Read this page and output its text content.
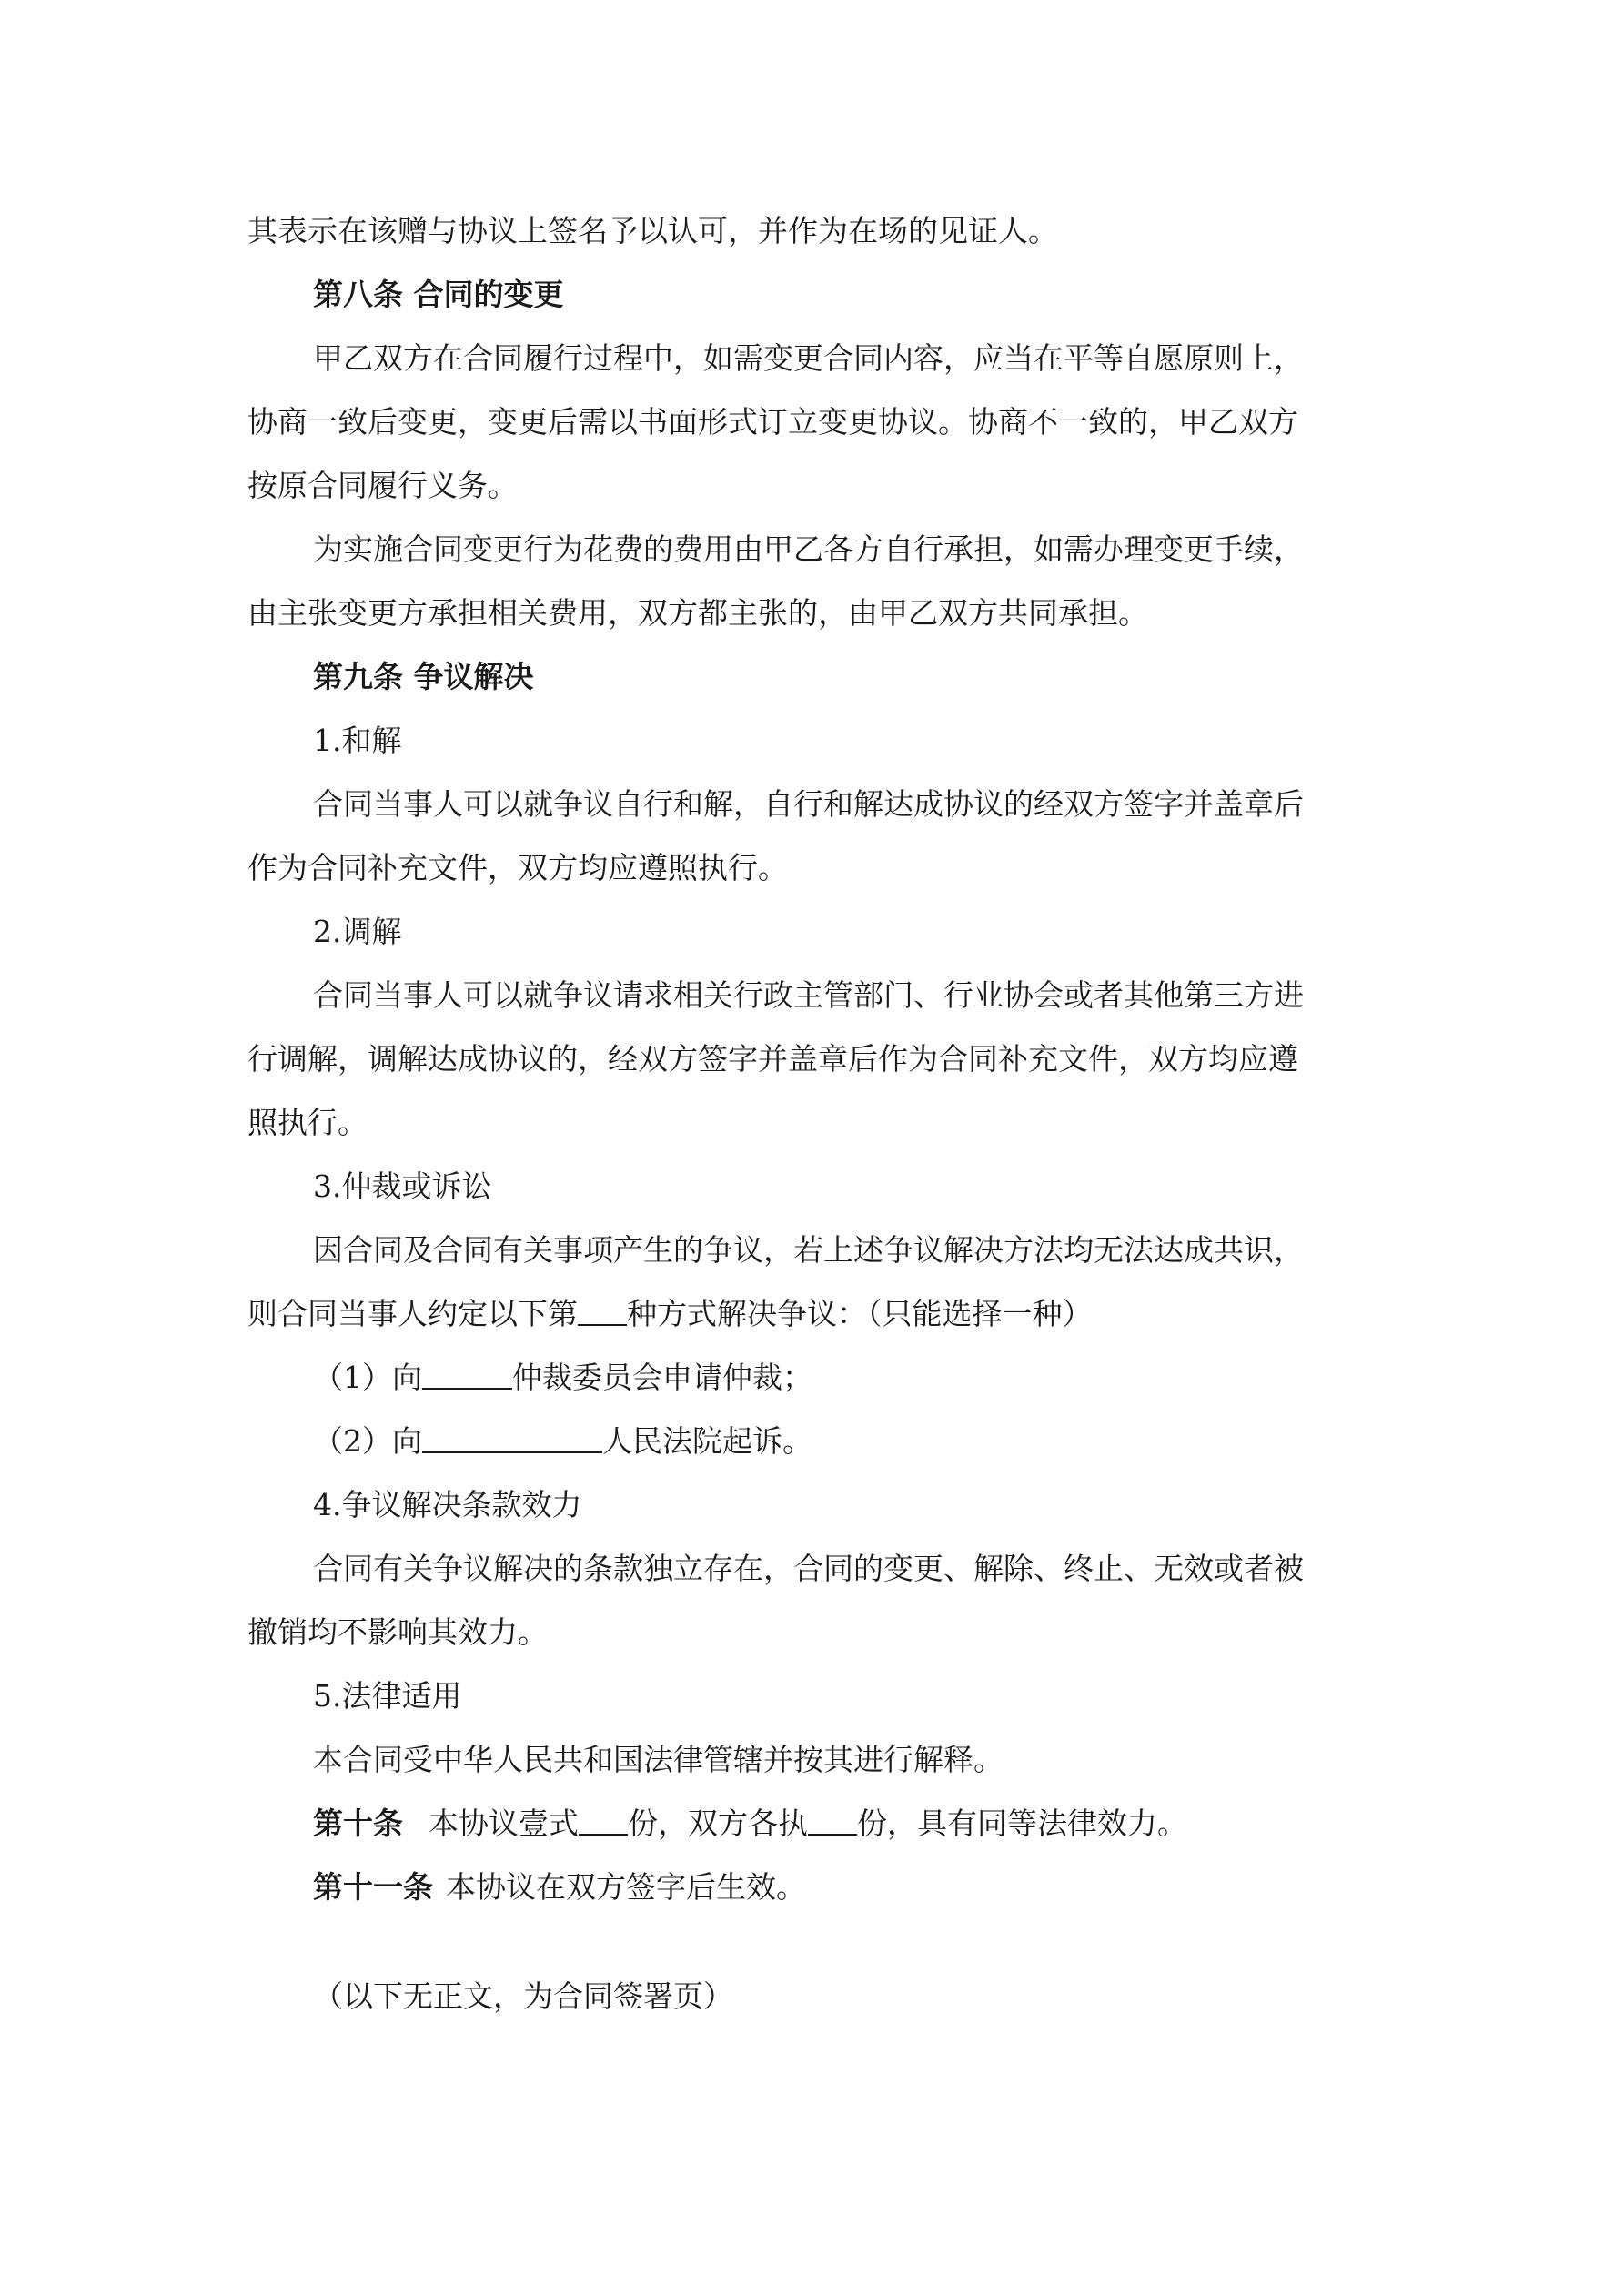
其表示在该赠与协议上签名予以认可，并作为在场的见证人。
第八条 合同的变更
甲乙双方在合同履行过程中，如需变更合同内容，应当在平等自愿原则上，
协商一致后变更，变更后需以书面形式订立变更协议。协商不一致的，甲乙双方
按原合同履行义务。
为实施合同变更行为花费的费用由甲乙各方自行承担，如需办理变更手续，
由主张变更方承担相关费用，双方都主张的，由甲乙双方共同承担。
第九条 争议解决
1.和解
合同当事人可以就争议自行和解，自行和解达成协议的经双方签字并盖章后
作为合同补充文件，双方均应遵照执行。
2.调解
合同当事人可以就争议请求相关行政主管部门、行业协会或者其他第三方进
行调解，调解达成协议的，经双方签字并盖章后作为合同补充文件，双方均应遵
照执行。
3.仲裁或诉讼
因合同及合同有关事项产生的争议，若上述争议解决方法均无法达成共识，
则合同当事人约定以下第 种方式解决争议：（只能选择一种）
（1）向	仲裁委员会申请仲裁；
（2）向	人民法院起诉。
4.争议解决条款效力
合同有关争议解决的条款独立存在，合同的变更、解除、终止、无效或者被
撤销均不影响其效力。
5.法律适用
本合同受中华人民共和国法律管辖并按其进行解释。
第十条 本协议壹式 份，双方各执 份，具有同等法律效力。
第十一条 本协议在双方签字后生效。
（以下无正文，为合同签署页）
